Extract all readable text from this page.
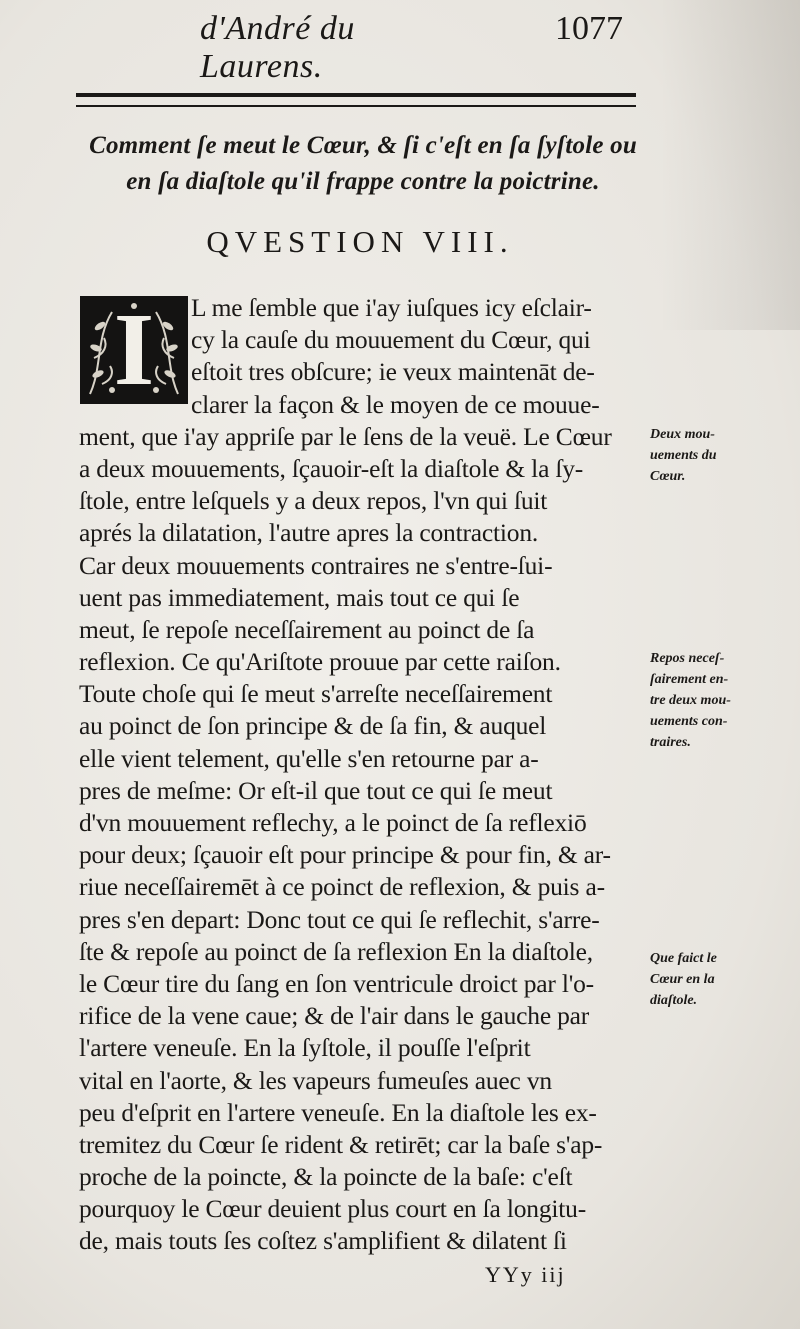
d'André du Laurens.
1077
Comment ſe meut le Cœur, & ſi c'eſt en ſa ſyſtole ou
en ſa diaſtole qu'il frappe contre la poictrine.
QVESTION VIII.
I	L me ſemble que i'ay iuſques icy eſclair-
cy la cauſe du mouuement du Cœur, qui
eſtoit tres obſcure; ie veux maintenāt de-
clarer la façon & le moyen de ce mouue-
ment, que i'ay appriſe par le ſens de la veuë. Le Cœur
a deux mouuements, ſçauoir-eſt la diaſtole & la ſy-
ſtole, entre leſquels y a deux repos, l'vn qui ſuit
aprés la dilatation, l'autre apres la contraction.
Car deux mouuements contraires ne s'entre-ſui-
uent pas immediatement, mais tout ce qui ſe
meut, ſe repoſe neceſſairement au poinct de ſa
reflexion. Ce qu'Ariſtote prouue par cette raiſon.
Toute choſe qui ſe meut s'arreſte neceſſairement
au poinct de ſon principe & de ſa fin, & auquel
elle vient telement, qu'elle s'en retourne par a-
pres de meſme: Or eſt-il que tout ce qui ſe meut
d'vn mouuement reflechy, a le poinct de ſa reflexiō
pour deux; ſçauoir eſt pour principe & pour fin, & ar-
riue neceſſairemēt à ce poinct de reflexion, & puis a-
pres s'en depart: Donc tout ce qui ſe reflechit, s'arre-
ſte & repoſe au poinct de ſa reflexion En la diaſtole,
le Cœur tire du ſang en ſon ventricule droict par l'o-
rifice de la vene caue; & de l'air dans le gauche par
l'artere veneuſe. En la ſyſtole, il pouſſe l'eſprit
vital en l'aorte, & les vapeurs fumeuſes auec vn
peu d'eſprit en l'artere veneuſe. En la diaſtole les ex-
tremitez du Cœur ſe rident & retirēt; car la baſe s'ap-
proche de la poincte, & la poincte de la baſe: c'eſt
pourquoy le Cœur deuient plus court en ſa longitu-
de, mais touts ſes coſtez s'amplifient & dilatent ſi
Deux mou-
uements du
Cœur.
Repos neceſ-
ſairement en-
tre deux mou-
uements con-
traires.
Que faict le
Cœur en la
diaſtole.
YYy iij
